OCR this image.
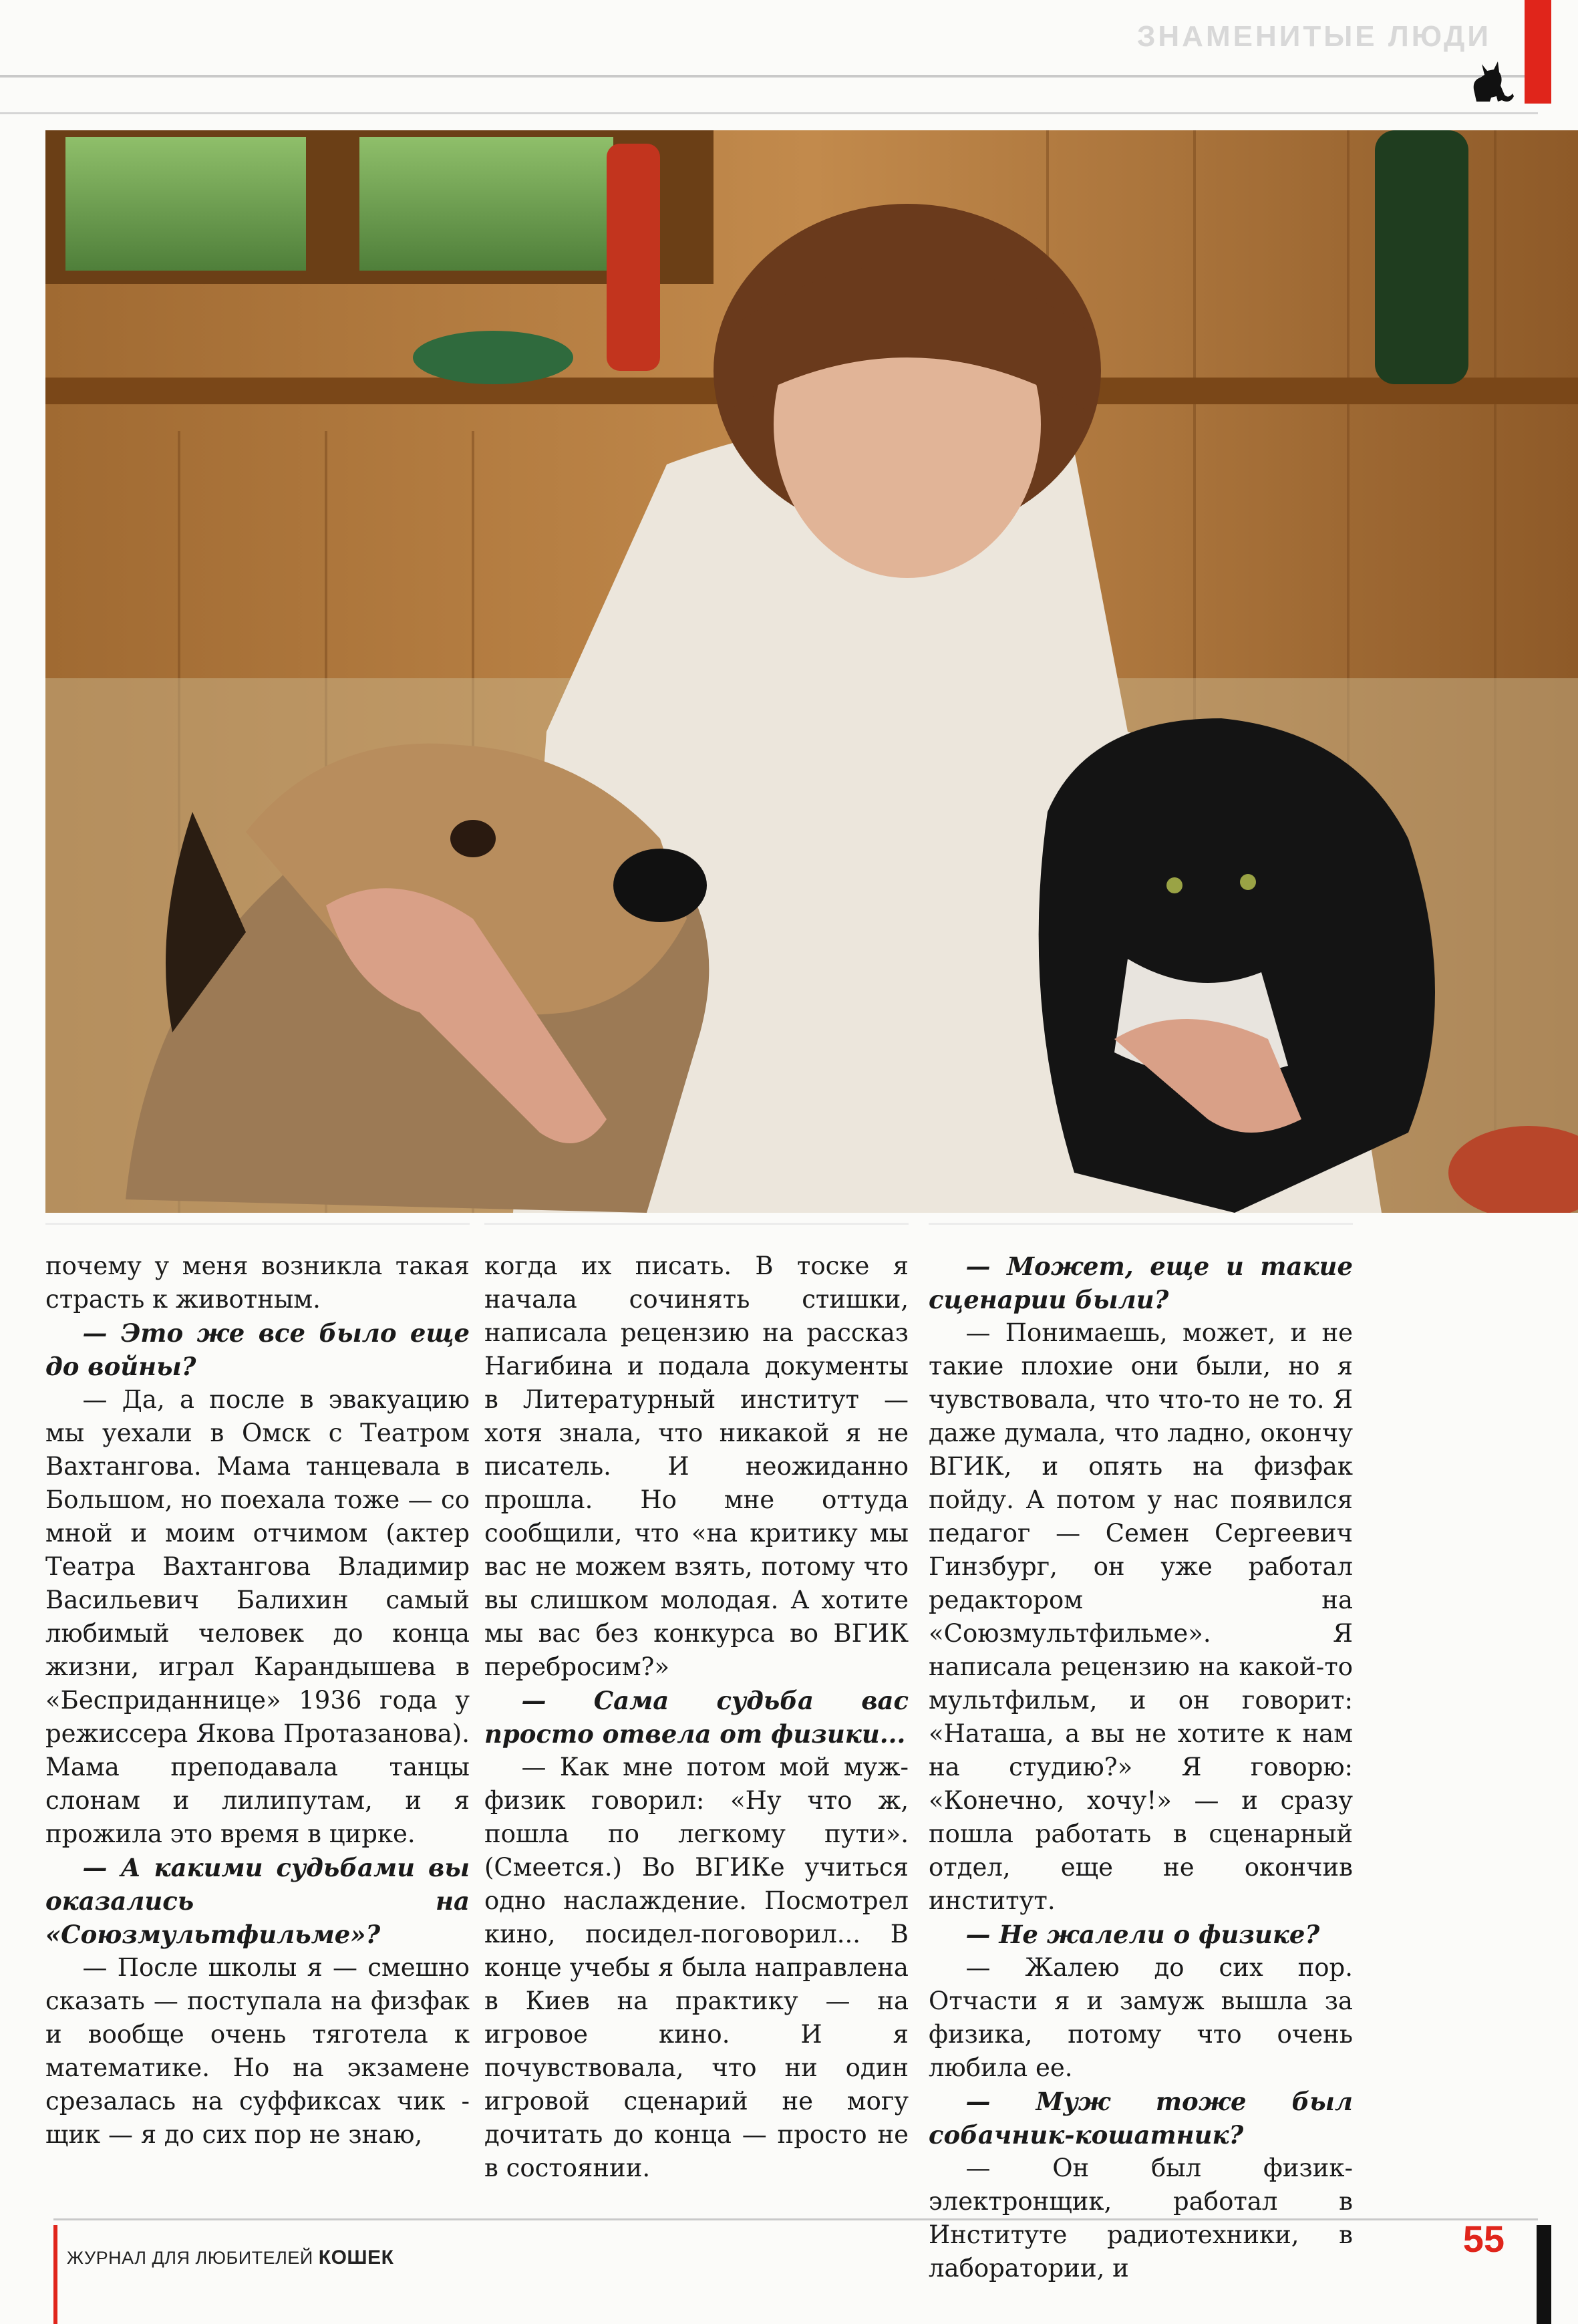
ЗНАМЕНИТЫЕ ЛЮДИ

почему у меня возникла такая страсть к животным.

— Это же все было еще до войны?

— Да, а после в эвакуацию мы уехали в Омск с Театром Вахтангова. Мама танцевала в Большом, но поехала тоже — со мной и моим отчимом (актер Театра Вахтангова Владимир Васильевич Балихин самый любимый человек до конца жизни, играл Карандышева в «Бесприданнице» 1936 года у режиссера Якова Протазанова). Мама преподавала танцы слонам и лилипутам, и я прожила это время в цирке.

— А какими судьбами вы оказались на «Союзмультфильме»?

— После школы я — смешно сказать — поступала на физфак и вообще очень тяготела к математике. Но на экзамене срезалась на суффиксах чик - щик — я до сих пор не знаю,

когда их писать. В тоске я начала сочинять стишки, написала рецензию на рассказ Нагибина и подала документы в Литературный институт — хотя знала, что никакой я не писатель. И неожиданно прошла. Но мне оттуда сообщили, что «на критику мы вас не можем взять, потому что вы слишком молодая. А хотите мы вас без конкурса во ВГИК перебросим?»

— Сама судьба вас просто отвела от физики...

— Как мне потом мой муж-физик говорил: «Ну что ж, пошла по легкому пути». (Смеется.) Во ВГИКе учиться одно наслаждение. Посмотрел кино, посидел-поговорил... В конце учебы я была направлена в Киев на практику — на игровое кино. И я почувствовала, что ни один игровой сценарий не могу дочитать до конца — просто не в состоянии.

— Может, еще и такие сценарии были?

— Понимаешь, может, и не такие плохие они были, но я чувствовала, что что-то не то. Я даже думала, что ладно, окончу ВГИК, и опять на физфак пойду. А потом у нас появился педагог — Семен Сергеевич Гинзбург, он уже работал редактором на «Союзмультфильме». Я написала рецензию на какой-то мультфильм, и он говорит: «Наташа, а вы не хотите к нам на студию?» Я говорю: «Конечно, хочу!» — и сразу пошла работать в сценарный отдел, еще не окончив институт.

— Не жалели о физике?

— Жалею до сих пор. Отчасти я и замуж вышла за физика, потому что очень любила ее.

— Муж тоже был собачник-кошатник?

— Он был физик-электронщик, работал в Институте радиотехники, в лаборатории, и

ЖУРНАЛ ДЛЯ ЛЮБИТЕЛЕЙ КОШЕК	55
